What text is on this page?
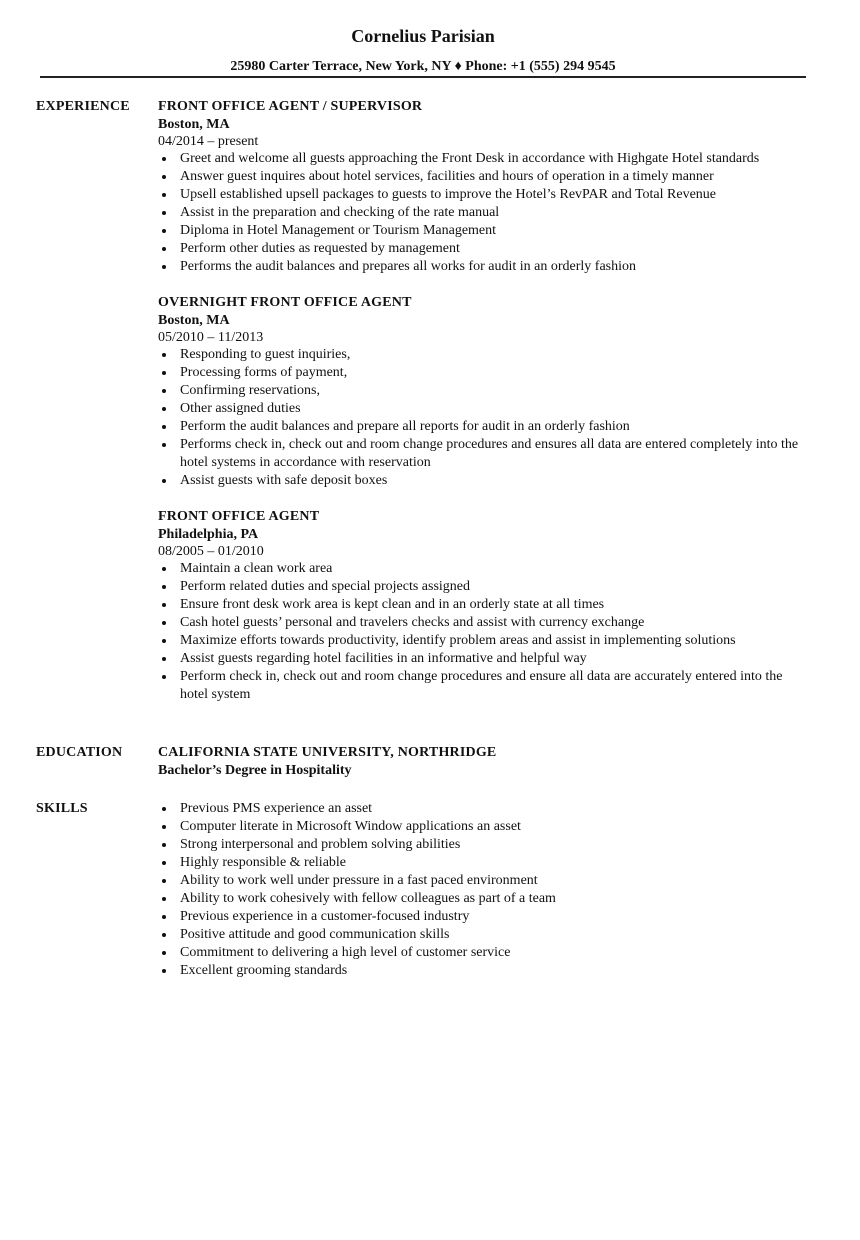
Cornelius Parisian
25980 Carter Terrace, New York, NY ♦ Phone: +1 (555) 294 9545
EXPERIENCE FRONT OFFICE AGENT / SUPERVISOR
Boston, MA
04/2014 – present
Greet and welcome all guests approaching the Front Desk in accordance with Highgate Hotel standards
Answer guest inquires about hotel services, facilities and hours of operation in a timely manner
Upsell established upsell packages to guests to improve the Hotel’s RevPAR and Total Revenue
Assist in the preparation and checking of the rate manual
Diploma in Hotel Management or Tourism Management
Perform other duties as requested by management
Performs the audit balances and prepares all works for audit in an orderly fashion
OVERNIGHT FRONT OFFICE AGENT
Boston, MA
05/2010 – 11/2013
Responding to guest inquiries,
Processing forms of payment,
Confirming reservations,
Other assigned duties
Perform the audit balances and prepare all reports for audit in an orderly fashion
Performs check in, check out and room change procedures and ensures all data are entered completely into the hotel systems in accordance with reservation
Assist guests with safe deposit boxes
FRONT OFFICE AGENT
Philadelphia, PA
08/2005 – 01/2010
Maintain a clean work area
Perform related duties and special projects assigned
Ensure front desk work area is kept clean and in an orderly state at all times
Cash hotel guests’ personal and travelers checks and assist with currency exchange
Maximize efforts towards productivity, identify problem areas and assist in implementing solutions
Assist guests regarding hotel facilities in an informative and helpful way
Perform check in, check out and room change procedures and ensure all data are accurately entered into the hotel system
EDUCATION	CALIFORNIA STATE UNIVERSITY, NORTHRIDGE
Bachelor’s Degree in Hospitality
SKILLS	Previous PMS experience an asset
Computer literate in Microsoft Window applications an asset
Strong interpersonal and problem solving abilities
Highly responsible & reliable
Ability to work well under pressure in a fast paced environment
Ability to work cohesively with fellow colleagues as part of a team
Previous experience in a customer-focused industry
Positive attitude and good communication skills
Commitment to delivering a high level of customer service
Excellent grooming standards
